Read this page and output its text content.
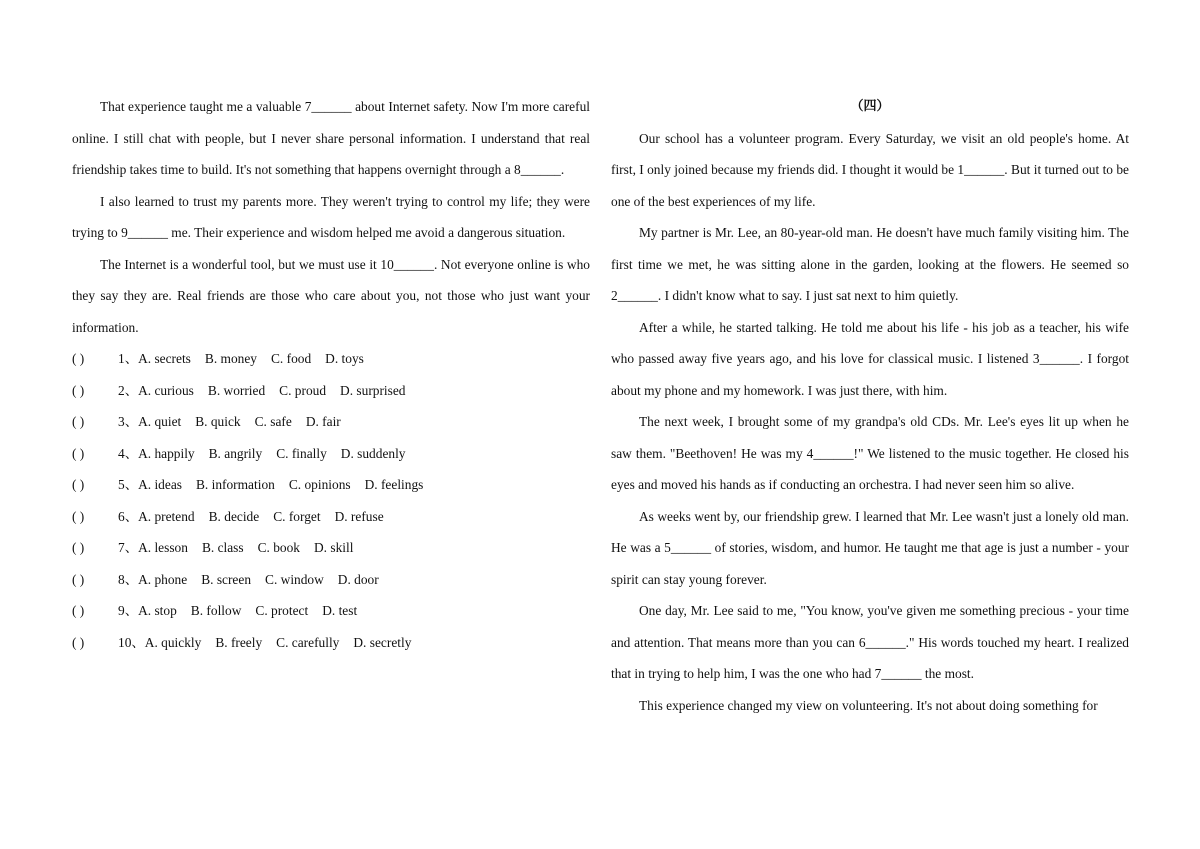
That experience taught me a valuable 7______ about Internet safety. Now I'm more careful online. I still chat with people, but I never share personal information. I understand that real friendship takes time to build. It's not something that happens overnight through a 8______.

I also learned to trust my parents more. They weren't trying to control my life; they were trying to 9______ me. Their experience and wisdom helped me avoid a dangerous situation.

The Internet is a wonderful tool, but we must use it 10______. Not everyone online is who they say they are. Real friends are those who care about you, not those who just want your information.

( )	1、A. secrets B. money C. food D. toys
( )	2、A. curious B. worried C. proud D. surprised
( )	3、A. quiet B. quick C. safe D. fair
( )	4、A. happily B. angrily C. finally D. suddenly
( )	5、A. ideas B. information C. opinions D. feelings
( )	6、A. pretend B. decide C. forget D. refuse
( )	7、A. lesson B. class C. book D. skill
( )	8、A. phone B. screen C. window D. door
( )	9、A. stop B. follow C. protect D. test
( )	10、A. quickly B. freely C. carefully D. secretly

（四）

Our school has a volunteer program. Every Saturday, we visit an old people's home. At first, I only joined because my friends did. I thought it would be 1______. But it turned out to be one of the best experiences of my life.

My partner is Mr. Lee, an 80-year-old man. He doesn't have much family visiting him. The first time we met, he was sitting alone in the garden, looking at the flowers. He seemed so 2______. I didn't know what to say. I just sat next to him quietly.

After a while, he started talking. He told me about his life - his job as a teacher, his wife who passed away five years ago, and his love for classical music. I listened 3______. I forgot about my phone and my homework. I was just there, with him.

The next week, I brought some of my grandpa's old CDs. Mr. Lee's eyes lit up when he saw them. "Beethoven! He was my 4______!" We listened to the music together. He closed his eyes and moved his hands as if conducting an orchestra. I had never seen him so alive.

As weeks went by, our friendship grew. I learned that Mr. Lee wasn't just a lonely old man. He was a 5______ of stories, wisdom, and humor. He taught me that age is just a number - your spirit can stay young forever.

One day, Mr. Lee said to me, "You know, you've given me something precious - your time and attention. That means more than you can 6______." His words touched my heart. I realized that in trying to help him, I was the one who had 7______ the most.

This experience changed my view on volunteering. It's not about doing something for
